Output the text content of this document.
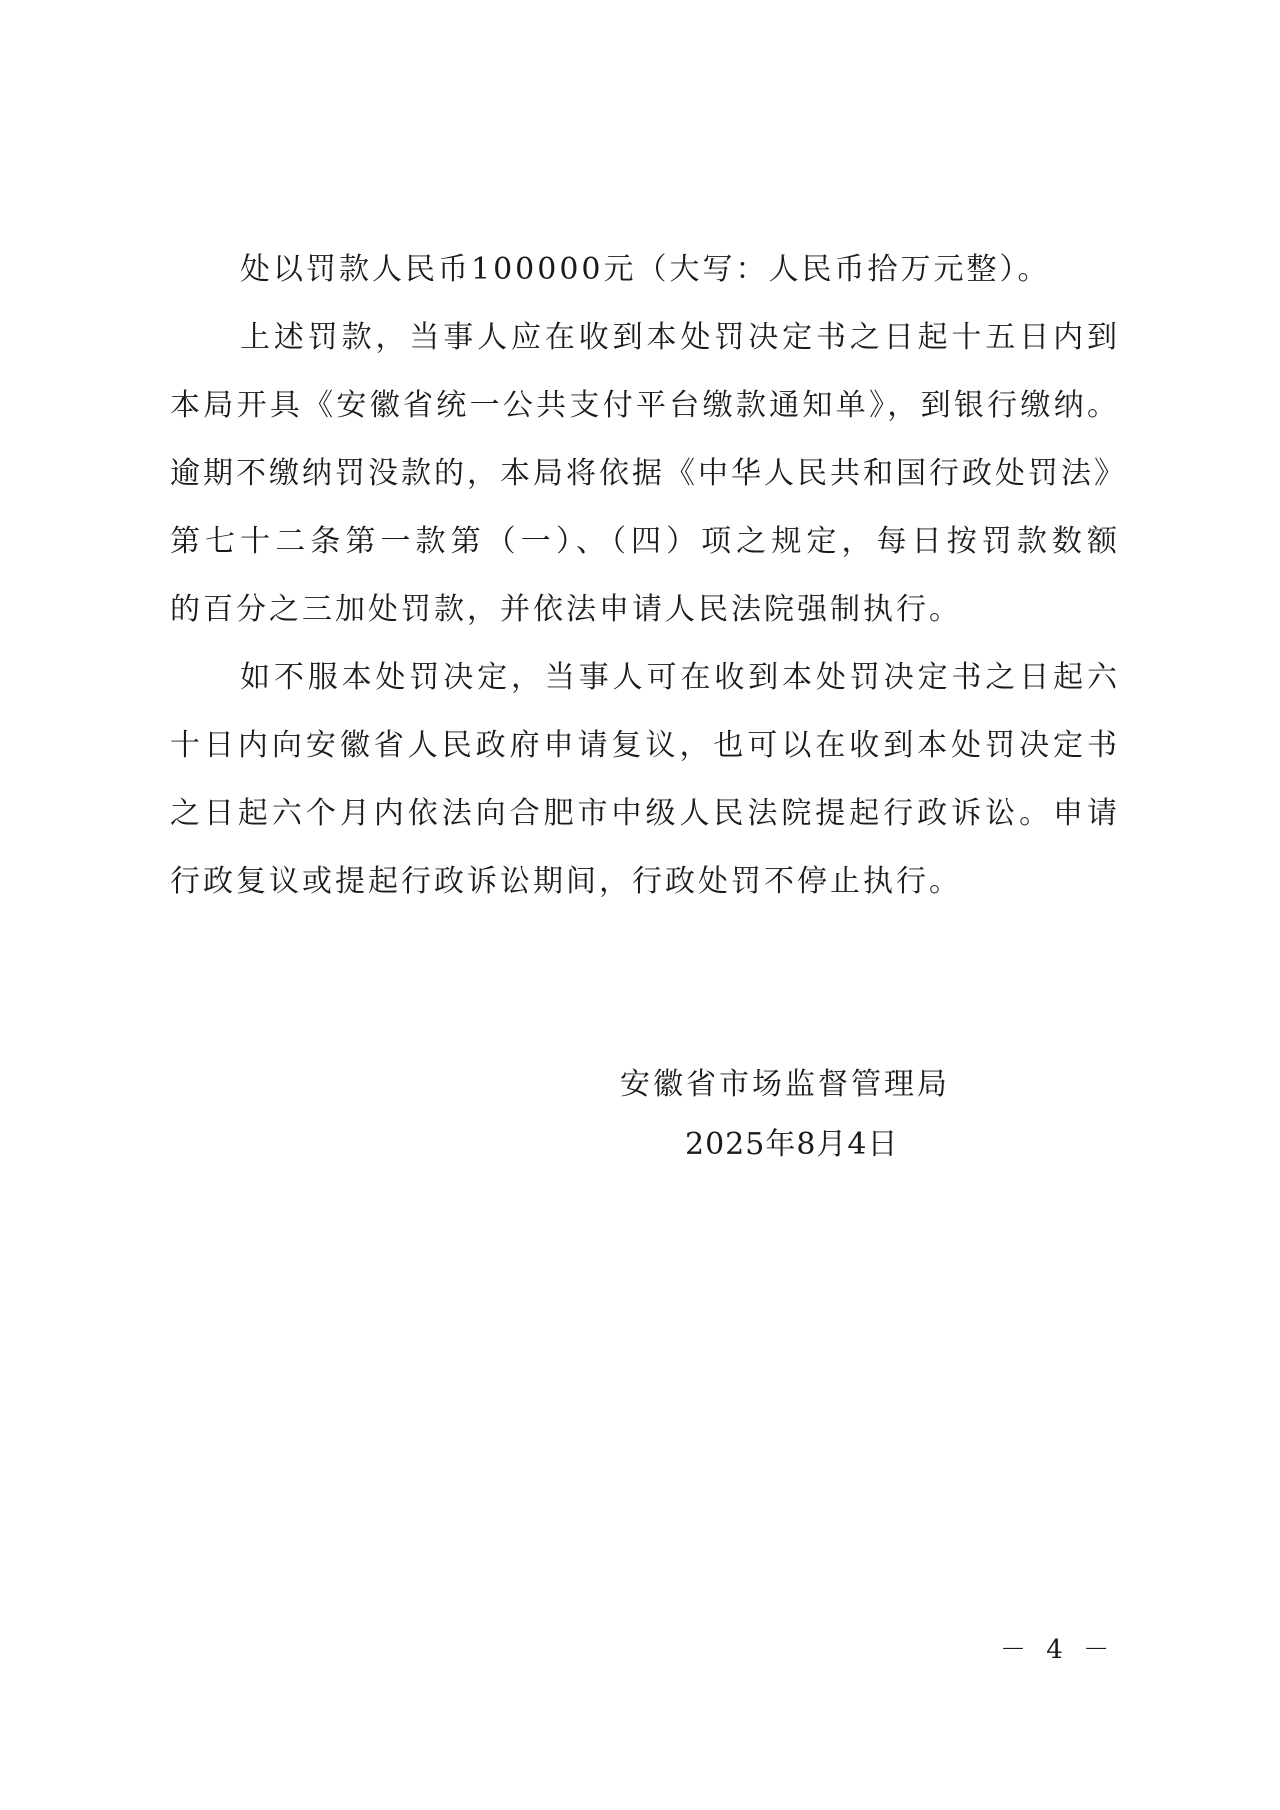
处以罚款人民币100000元（大写：人民币拾万元整）。
上述罚款，当事人应在收到本处罚决定书之日起十五日内到
本局开具《安徽省统一公共支付平台缴款通知单》，到银行缴纳。
逾期不缴纳罚没款的，本局将依据《中华人民共和国行政处罚法》
第七十二条第一款第（一）、（四）项之规定，每日按罚款数额
的百分之三加处罚款，并依法申请人民法院强制执行。
如不服本处罚决定，当事人可在收到本处罚决定书之日起六
十日内向安徽省人民政府申请复议，也可以在收到本处罚决定书
之日起六个月内依法向合肥市中级人民法院提起行政诉讼。申请
行政复议或提起行政诉讼期间，行政处罚不停止执行。
安徽省市场监督管理局
2025年8月4日
－ 4 －
